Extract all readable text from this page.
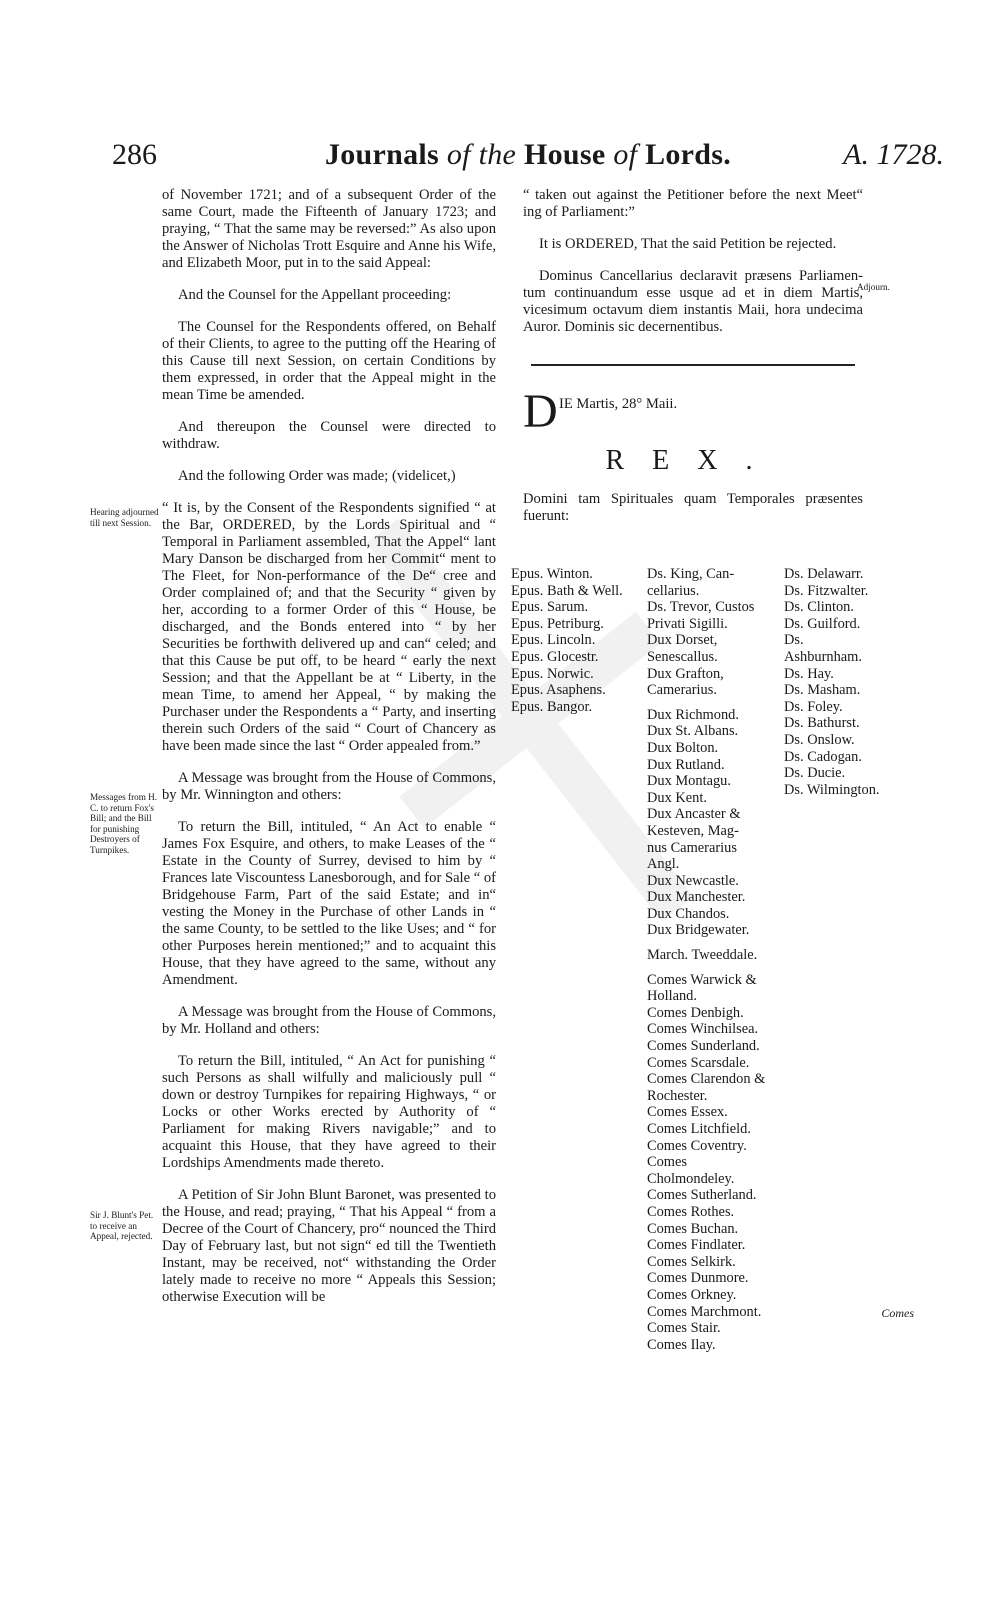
286	Journals of the House of Lords.	A. 1728.
Hearing adjourned till next Session.
Messages from H. C. to return Fox's Bill; and the Bill for punishing Destroyers of Turnpikes.
Sir J. Blunt's Pet. to receive an Appeal, rejected.
Adjourn.

of November 1721; and of a subsequent Order of the same Court, made the Fifteenth of January 1723; and praying, “ That the same may be reversed:” As also upon the Answer of Nicholas Trott Esquire and Anne his Wife, and Elizabeth Moor, put in to the said Appeal:

And the Counsel for the Appellant proceeding:

The Counsel for the Respondents offered, on Behalf of their Clients, to agree to the putting off the Hearing of this Cause till next Session, on certain Conditions by them expressed, in order that the Appeal might in the mean Time be amended.

And thereupon the Counsel were directed to withdraw.

And the following Order was made; (videlicet,)

“ It is, by the Consent of the Respondents signified “ at the Bar, ORDERED, by the Lords Spiritual and “ Temporal in Parliament assembled, That the Appel“ lant Mary Danson be discharged from her Commit“ ment to The Fleet, for Non-performance of the De“ cree and Order complained of; and that the Security “ given by her, according to a former Order of this “ House, be discharged, and the Bonds entered into “ by her Securities be forthwith delivered up and can“ celed; and that this Cause be put off, to be heard “ early the next Session; and that the Appellant be at “ Liberty, in the mean Time, to amend her Appeal, “ by making the Purchaser under the Respondents a “ Party, and inserting therein such Orders of the said “ Court of Chancery as have been made since the last “ Order appealed from.”

A Message was brought from the House of Commons, by Mr. Winnington and others:

To return the Bill, intituled, “ An Act to enable “ James Fox Esquire, and others, to make Leases of the “ Estate in the County of Surrey, devised to him by “ Frances late Viscountess Lanesborough, and for Sale “ of Bridgehouse Farm, Part of the said Estate; and in“ vesting the Money in the Purchase of other Lands in “ the same County, to be settled to the like Uses; and “ for other Purposes herein mentioned;” and to acquaint this House, that they have agreed to the same, without any Amendment.

A Message was brought from the House of Commons, by Mr. Holland and others:

To return the Bill, intituled, “ An Act for punishing “ such Persons as shall wilfully and maliciously pull “ down or destroy Turnpikes for repairing Highways, “ or Locks or other Works erected by Authority of “ Parliament for making Rivers navigable;” and to acquaint this House, that they have agreed to their Lordships Amendments made thereto.

A Petition of Sir John Blunt Baronet, was presented to the House, and read; praying, “ That his Appeal “ from a Decree of the Court of Chancery, pro“ nounced the Third Day of February last, but not sign“ ed till the Twentieth Instant, may be received, not“ withstanding the Order lately made to receive no more “ Appeals this Session; otherwise Execution will be

“ taken out against the Petitioner before the next Meet“ ing of Parliament:”

It is ORDERED, That the said Petition be rejected.

Dominus Cancellarius declaravit præsens Parliamentum continuandum esse usque ad et in diem Martis, vicesimum octavum diem instantis Maii, hora undecima Auror. Dominis sic decernentibus.

D IE Martis, 28° Maii.
REX.
Domini tam Spirituales quam Temporales præsentes fuerunt:
Epus. Winton.
Epus. Bath & Well.
Epus. Sarum.
Epus. Petriburg.
Epus. Lincoln.
Epus. Glocestr.
Epus. Norwic.
Epus. Asaphens.
Epus. Bangor.
Ds. King, Can-
cellarius.
Ds. Trevor, Custos
Privati Sigilli.
Dux Dorset,
Senescallus.
Dux Grafton,
Camerarius.
Dux Richmond.
Dux St. Albans.
Dux Bolton.
Dux Rutland.
Dux Montagu.
Dux Kent.
Dux Ancaster &
Kesteven, Mag-
nus Camerarius
Angl.
Dux Newcastle.
Dux Manchester.
Dux Chandos.
Dux Bridgewater.
March. Tweeddale.
Comes Warwick &
Holland.
Comes Denbigh.
Comes Winchilsea.
Comes Sunderland.
Comes Scarsdale.
Comes Clarendon &
Rochester.
Comes Essex.
Comes Litchfield.
Comes Coventry.
Comes Cholmondeley.
Comes Sutherland.
Comes Rothes.
Comes Buchan.
Comes Findlater.
Comes Selkirk.
Comes Dunmore.
Comes Orkney.
Comes Marchmont.
Comes Stair.
Comes Ilay.
Ds. Delawarr.
Ds. Fitzwalter.
Ds. Clinton.
Ds. Guilford.
Ds. Ashburnham.
Ds. Hay.
Ds. Masham.
Ds. Foley.
Ds. Bathurst.
Ds. Onslow.
Ds. Cadogan.
Ds. Ducie.
Ds. Wilmington.
Comes
